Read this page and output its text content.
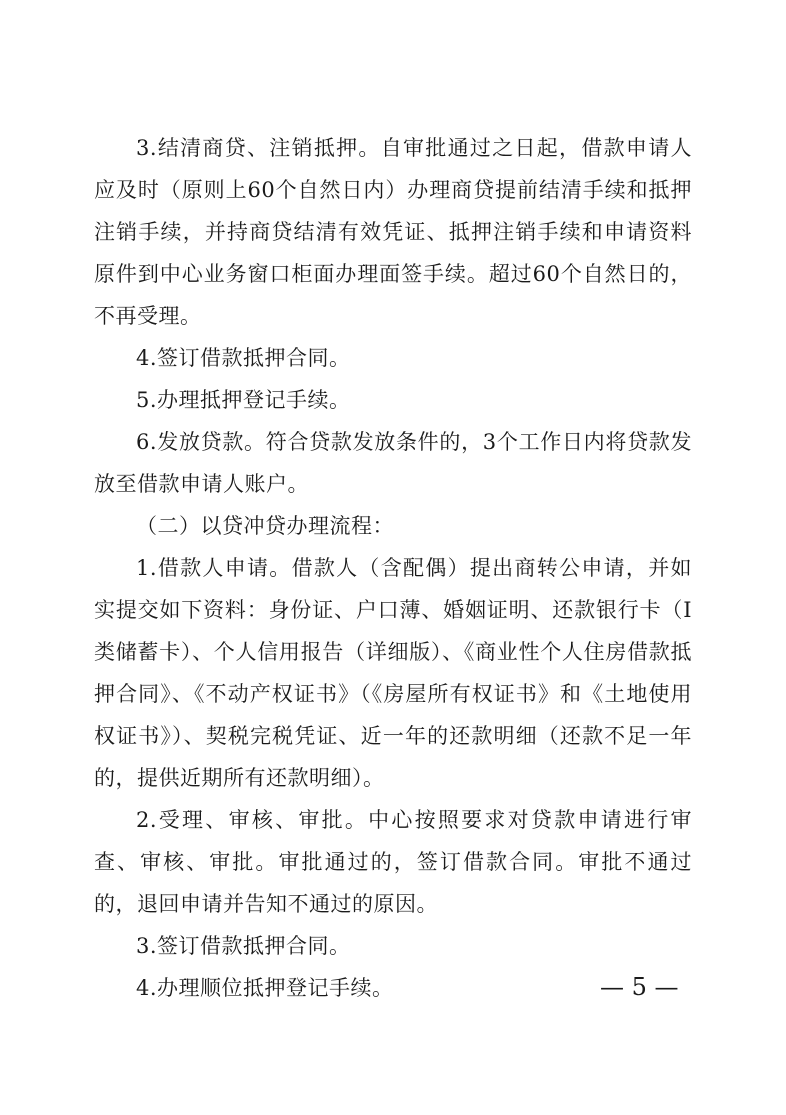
3.结清商贷、注销抵押。自审批通过之日起，借款申请人应及时（原则上60个自然日内）办理商贷提前结清手续和抵押注销手续，并持商贷结清有效凭证、抵押注销手续和申请资料原件到中心业务窗口柜面办理面签手续。超过60个自然日的，不再受理。

4.签订借款抵押合同。

5.办理抵押登记手续。

6.发放贷款。符合贷款发放条件的，3个工作日内将贷款发放至借款申请人账户。

（二）以贷冲贷办理流程：

1.借款人申请。借款人（含配偶）提出商转公申请，并如实提交如下资料：身份证、户口薄、婚姻证明、还款银行卡（Ⅰ类储蓄卡）、个人信用报告（详细版）、《商业性个人住房借款抵押合同》、《不动产权证书》（《房屋所有权证书》和《土地使用权证书》）、契税完税凭证、近一年的还款明细（还款不足一年的，提供近期所有还款明细）。

2.受理、审核、审批。中心按照要求对贷款申请进行审查、审核、审批。审批通过的，签订借款合同。审批不通过的，退回申请并告知不通过的原因。

3.签订借款抵押合同。

4.办理顺位抵押登记手续。	— 5 —
